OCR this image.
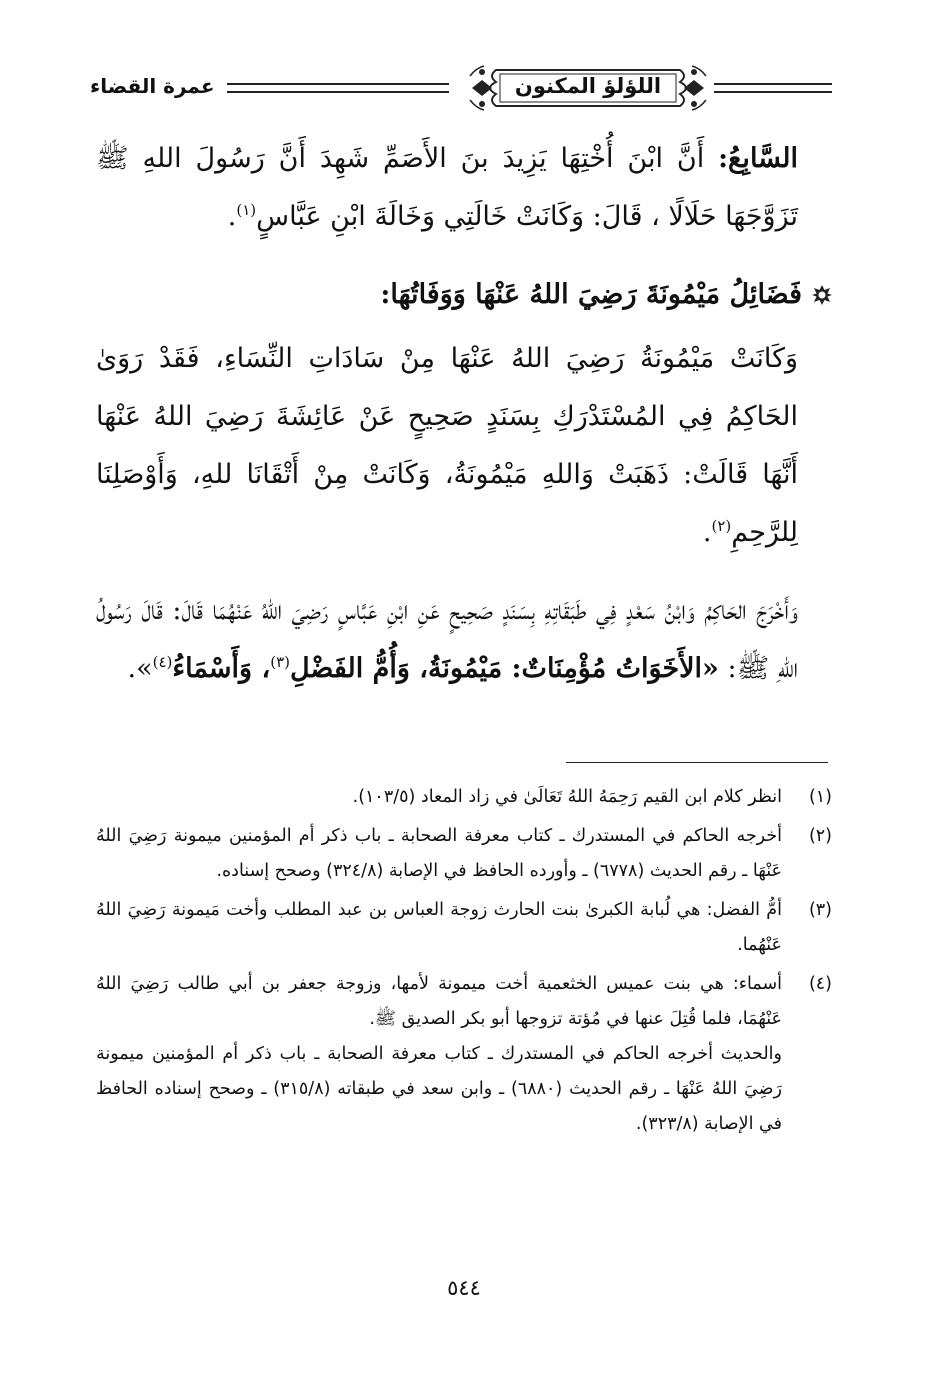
اللؤلؤ المكنون
عمرة القضاء
السَّابِعُ: أَنَّ ابْنَ أُخْتِهَا يَزِيدَ بنَ الأَصَمِّ شَهِدَ أَنَّ رَسُولَ اللهِ ﷺ تَزَوَّجَهَا حَلَالًا ، قَالَ: وَكَانَتْ خَالَتِي وَخَالَةَ ابْنِ عَبَّاسٍ$^{(١)}$.
فَضَائِلُ مَيْمُونَةَ رَضِيَ اللهُ عَنْهَا وَوَفَاتُهَا:
وَكَانَتْ مَيْمُونَةُ رَضِيَ اللهُ عَنْهَا مِنْ سَادَاتِ النِّسَاءِ، فَقَدْ رَوَىٰ الحَاكِمُ فِي المُسْتَدْرَكِ بِسَنَدٍ صَحِيحٍ عَنْ عَائِشَةَ رَضِيَ اللهُ عَنْهَا أَنَّهَا قَالَتْ: ذَهَبَتْ وَاللهِ مَيْمُونَةُ، وَكَانَتْ مِنْ أَتْقَانَا للهِ، وَأَوْصَلِنَا لِلرَّحِمِ$^{(٢)}$.
وَأَخْرَجَ الحَاكِمُ وَابْنُ سَعْدٍ فِي طَبَقَاتِهِ بِسَنَدٍ صَحِيحٍ عَنِ ابْنِ عَبَّاسٍ رَضِيَ اللهُ عَنْهُمَا قَالَ: قَالَ رَسُولُ اللهِ ﷺ: «الأَخَوَاتُ مُؤْمِنَاتٌ: مَيْمُونَةُ، وَأُمُّ الفَضْلِ$^{(٣)}$، وَأَسْمَاءُ$^{(٤)}$».
(١)

انظر كلام ابن القيم رَحِمَهُ اللهُ تَعَالَىٰ في زاد المعاد (١٠٣/٥).

(٢)

أخرجه الحاكم في المستدرك ـ كتاب معرفة الصحابة ـ باب ذكر أم المؤمنين ميمونة رَضِيَ اللهُ عَنْهَا ـ رقم الحديث (٦٧٧٨) ـ وأورده الحافظ في الإصابة (٣٢٤/٨) وصحح إسناده.

(٣)

أمُّ الفضل: هي لُبابة الكبرىٰ بنت الحارث زوجة العباس بن عبد المطلب وأخت مَيمونة رَضِيَ اللهُ عَنْهُما.

(٤)

أسماء: هي بنت عميس الخثعمية أخت ميمونة لأمها، وزوجة جعفر بن أبي طالب رَضِيَ اللهُ عَنْهُمَا، فلما قُتِلَ عنها في مُؤتة تزوجها أبو بكر الصديق ﷺ.

والحديث أخرجه الحاكم في المستدرك ـ كتاب معرفة الصحابة ـ باب ذكر أم المؤمنين ميمونة رَضِيَ اللهُ عَنْهَا ـ رقم الحديث (٦٨٨٠) ـ وابن سعد في طبقاته (٣١٥/٨) ـ وصحح إسناده الحافظ في الإصابة (٣٢٣/٨).

٥٤٤
